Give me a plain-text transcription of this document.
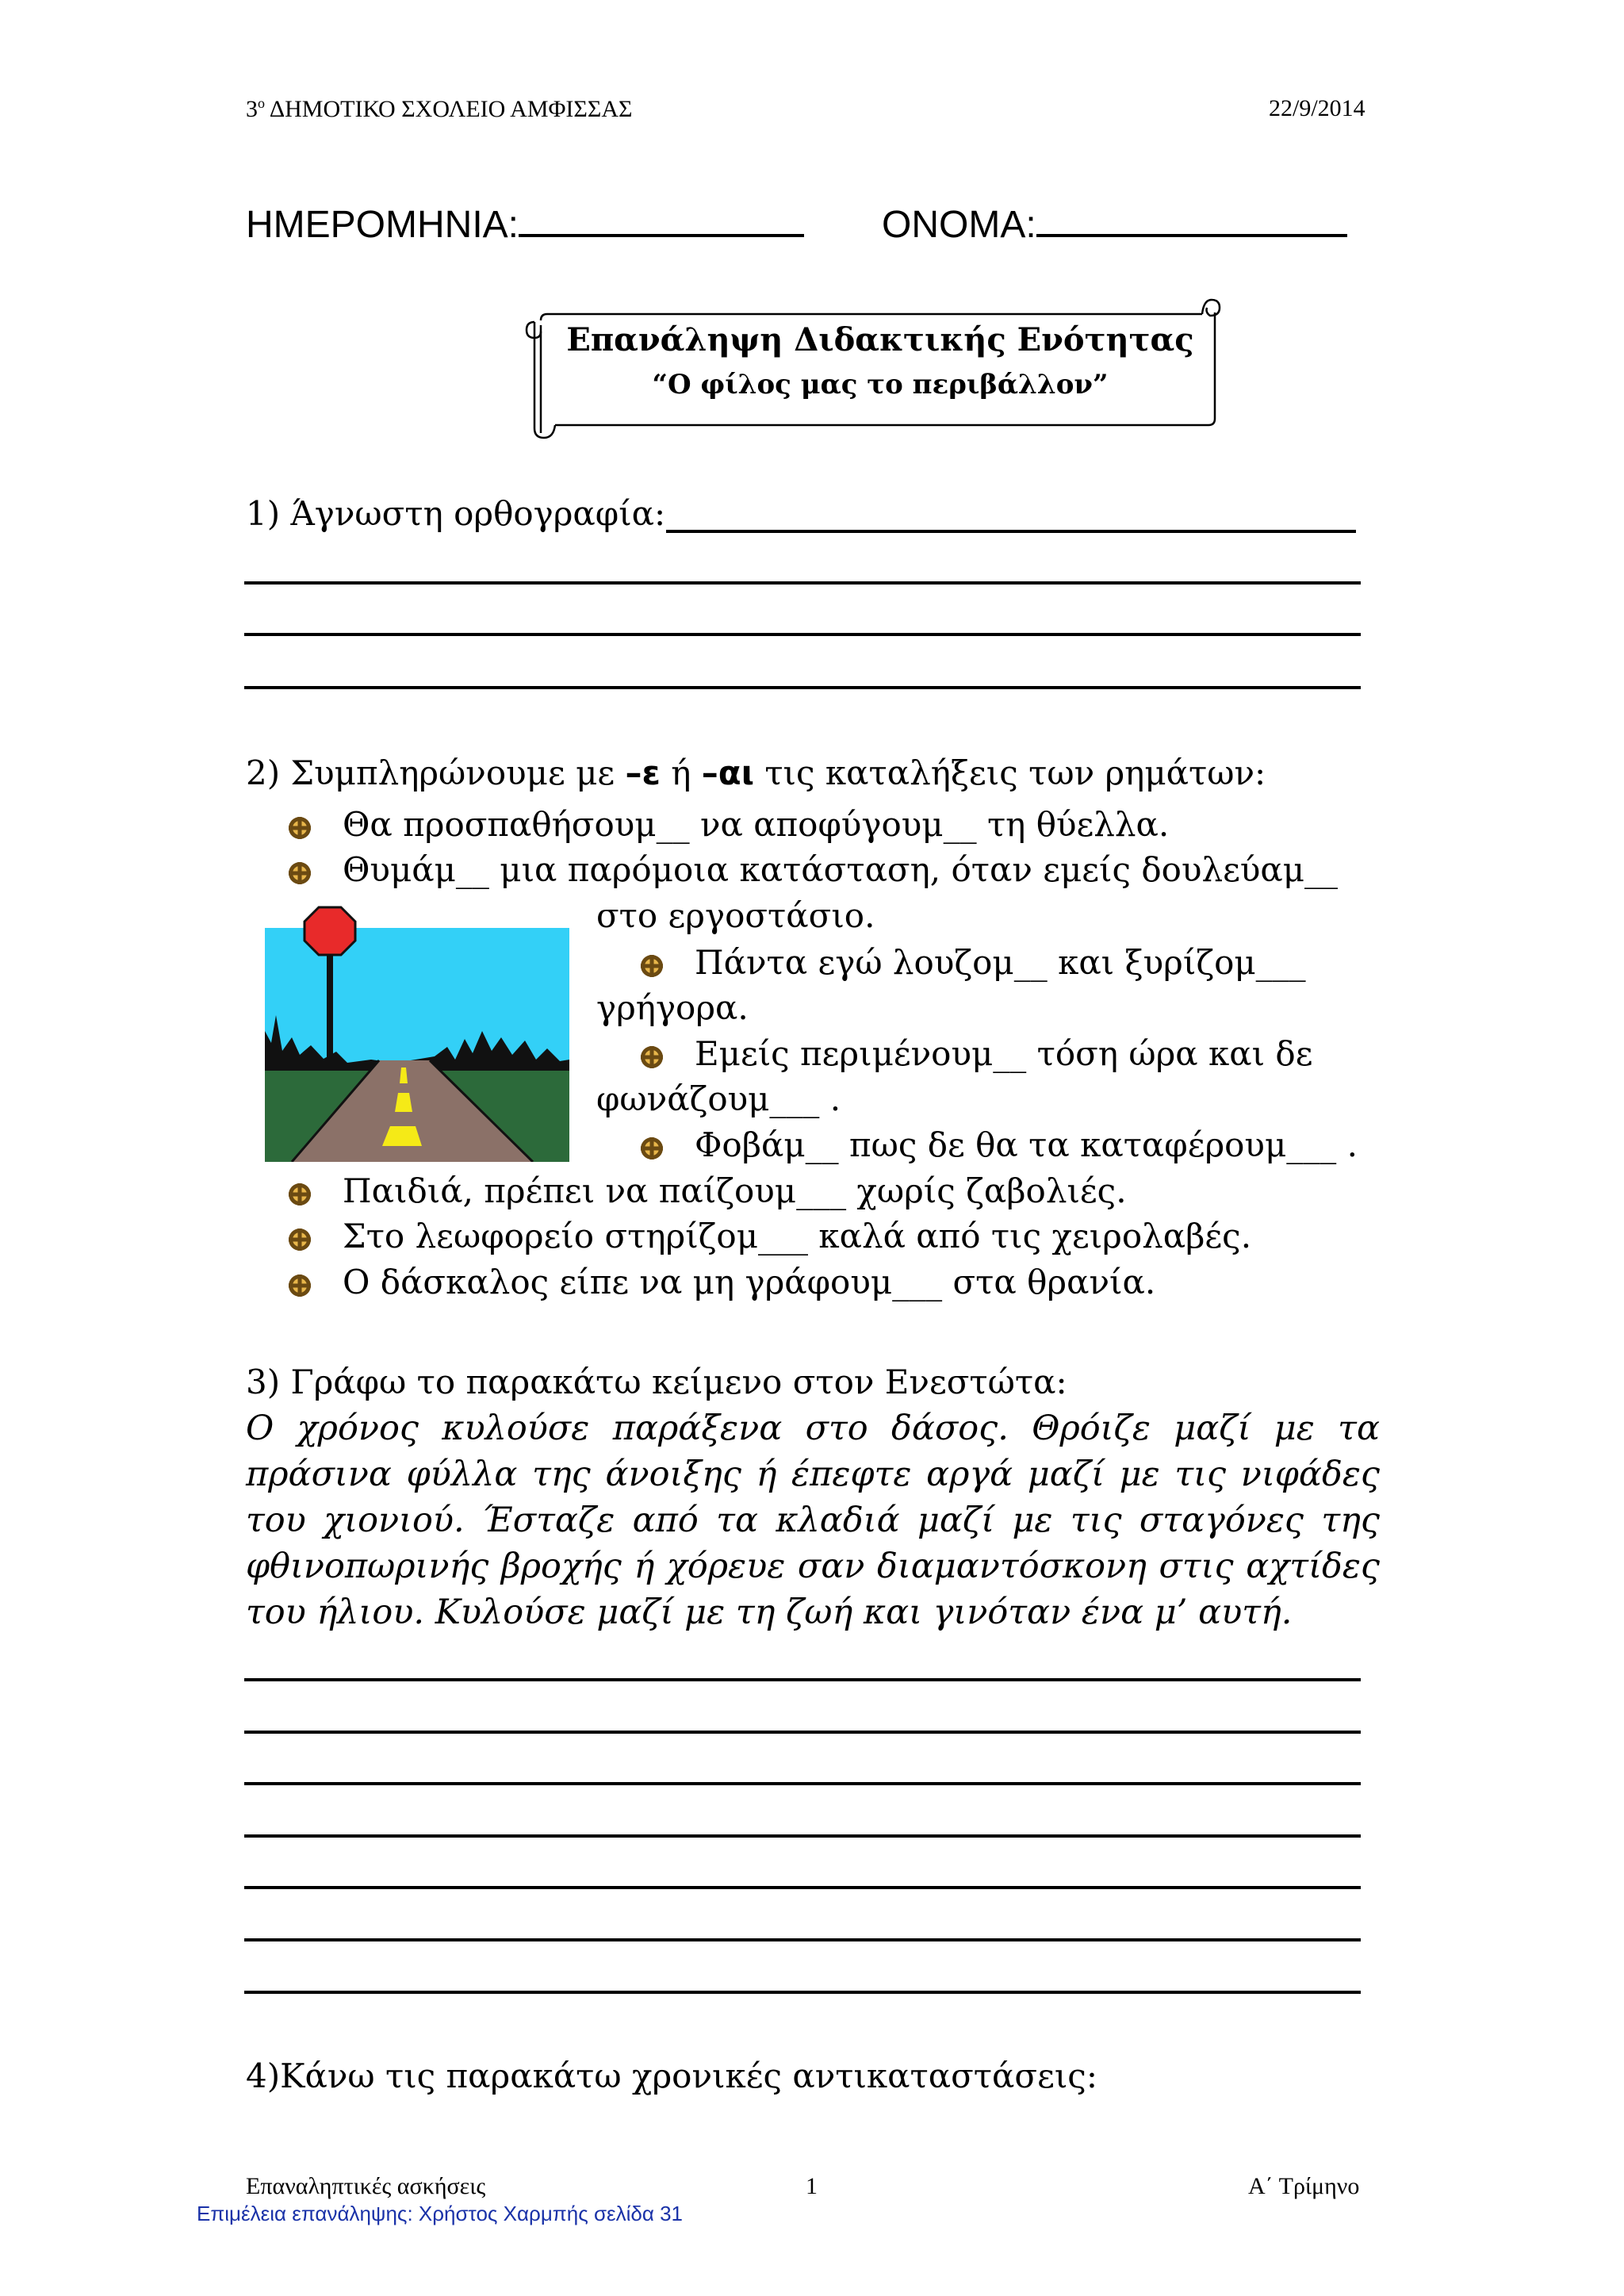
$3^o$ ΔΗΜΟΤΙΚΟ ΣΧΟΛΕΙΟ ΑΜΦΙΣΣΑΣ	22/9/2014
ΗΜΕΡΟΜΗΝΙΑ:	ΟΝΟΜΑ:
Επανάληψη Διδακτικής Ενότητας
“Ο φίλος μας το περιβάλλον”
1) Άγνωστη ορθογραφία:
2) Συμπληρώνουμε με –ε ή –αι τις καταλήξεις των ρημάτων:
Θα προσπαθήσουμ__ να αποφύγουμ__ τη θύελλα.
Θυμάμ__ μια παρόμοια κατάσταση, όταν εμείς δουλεύαμ__
στο εργοστάσιο.
Πάντα εγώ λουζομ__ και ξυρίζομ___
γρήγορα.
Εμείς περιμένουμ__ τόση ώρα και δε
φωνάζουμ___ .
Φοβάμ__ πως δε θα τα καταφέρουμ___ .
Παιδιά, πρέπει να παίζουμ___ χωρίς ζαβολιές.
Στο λεωφορείο στηρίζομ___ καλά από τις χειρολαβές.
Ο δάσκαλος είπε να μη γράφουμ___ στα θρανία.
3) Γράφω το παρακάτω κείμενο στον Ενεστώτα:
Ο χρόνος κυλούσε παράξενα στο δάσος. Θρόιζε μαζί με τα
πράσινα φύλλα της άνοιξης ή έπεφτε αργά μαζί με τις νιφάδες
του χιονιού. Έσταζε από τα κλαδιά μαζί με τις σταγόνες της
φθινοπωρινής βροχής ή χόρευε σαν διαμαντόσκονη στις αχτίδες
του ήλιου. Κυλούσε μαζί με τη ζωή και γινόταν ένα μ’ αυτή.
4)Κάνω τις παρακάτω χρονικές αντικαταστάσεις:
Επαναληπτικές ασκήσεις	1	Α΄ Τρίμηνο
Επιμέλεια επανάληψης: Χρήστος Χαρμπής σελίδα 31
